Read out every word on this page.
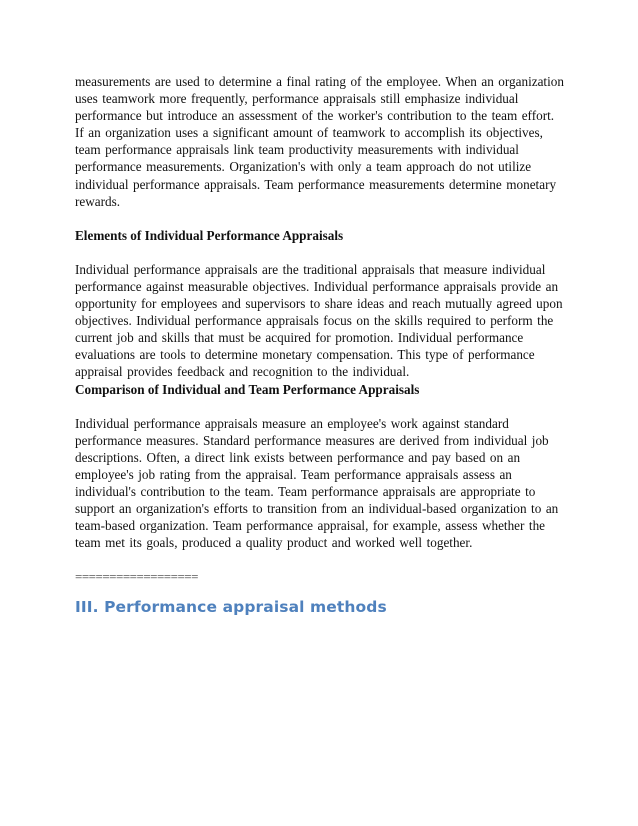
measurements are used to determine a final rating of the employee. When an organization uses teamwork more frequently, performance appraisals still emphasize individual performance but introduce an assessment of the worker's contribution to the team effort. If an organization uses a significant amount of teamwork to accomplish its objectives, team performance appraisals link team productivity measurements with individual performance measurements. Organization's with only a team approach do not utilize individual performance appraisals. Team performance measurements determine monetary rewards.

Elements of Individual Performance Appraisals

Individual performance appraisals are the traditional appraisals that measure individual performance against measurable objectives. Individual performance appraisals provide an opportunity for employees and supervisors to share ideas and reach mutually agreed upon objectives. Individual performance appraisals focus on the skills required to perform the current job and skills that must be acquired for promotion. Individual performance evaluations are tools to determine monetary compensation. This type of performance appraisal provides feedback and recognition to the individual.

Comparison of Individual and Team Performance Appraisals

Individual performance appraisals measure an employee's work against standard performance measures. Standard performance measures are derived from individual job descriptions. Often, a direct link exists between performance and pay based on an employee's job rating from the appraisal. Team performance appraisals assess an individual's contribution to the team. Team performance appraisals are appropriate to support an organization's efforts to transition from an individual-based organization to an team-based organization. Team performance appraisal, for example, assess whether the team met its goals, produced a quality product and worked well together.

==================

III. Performance appraisal methods
